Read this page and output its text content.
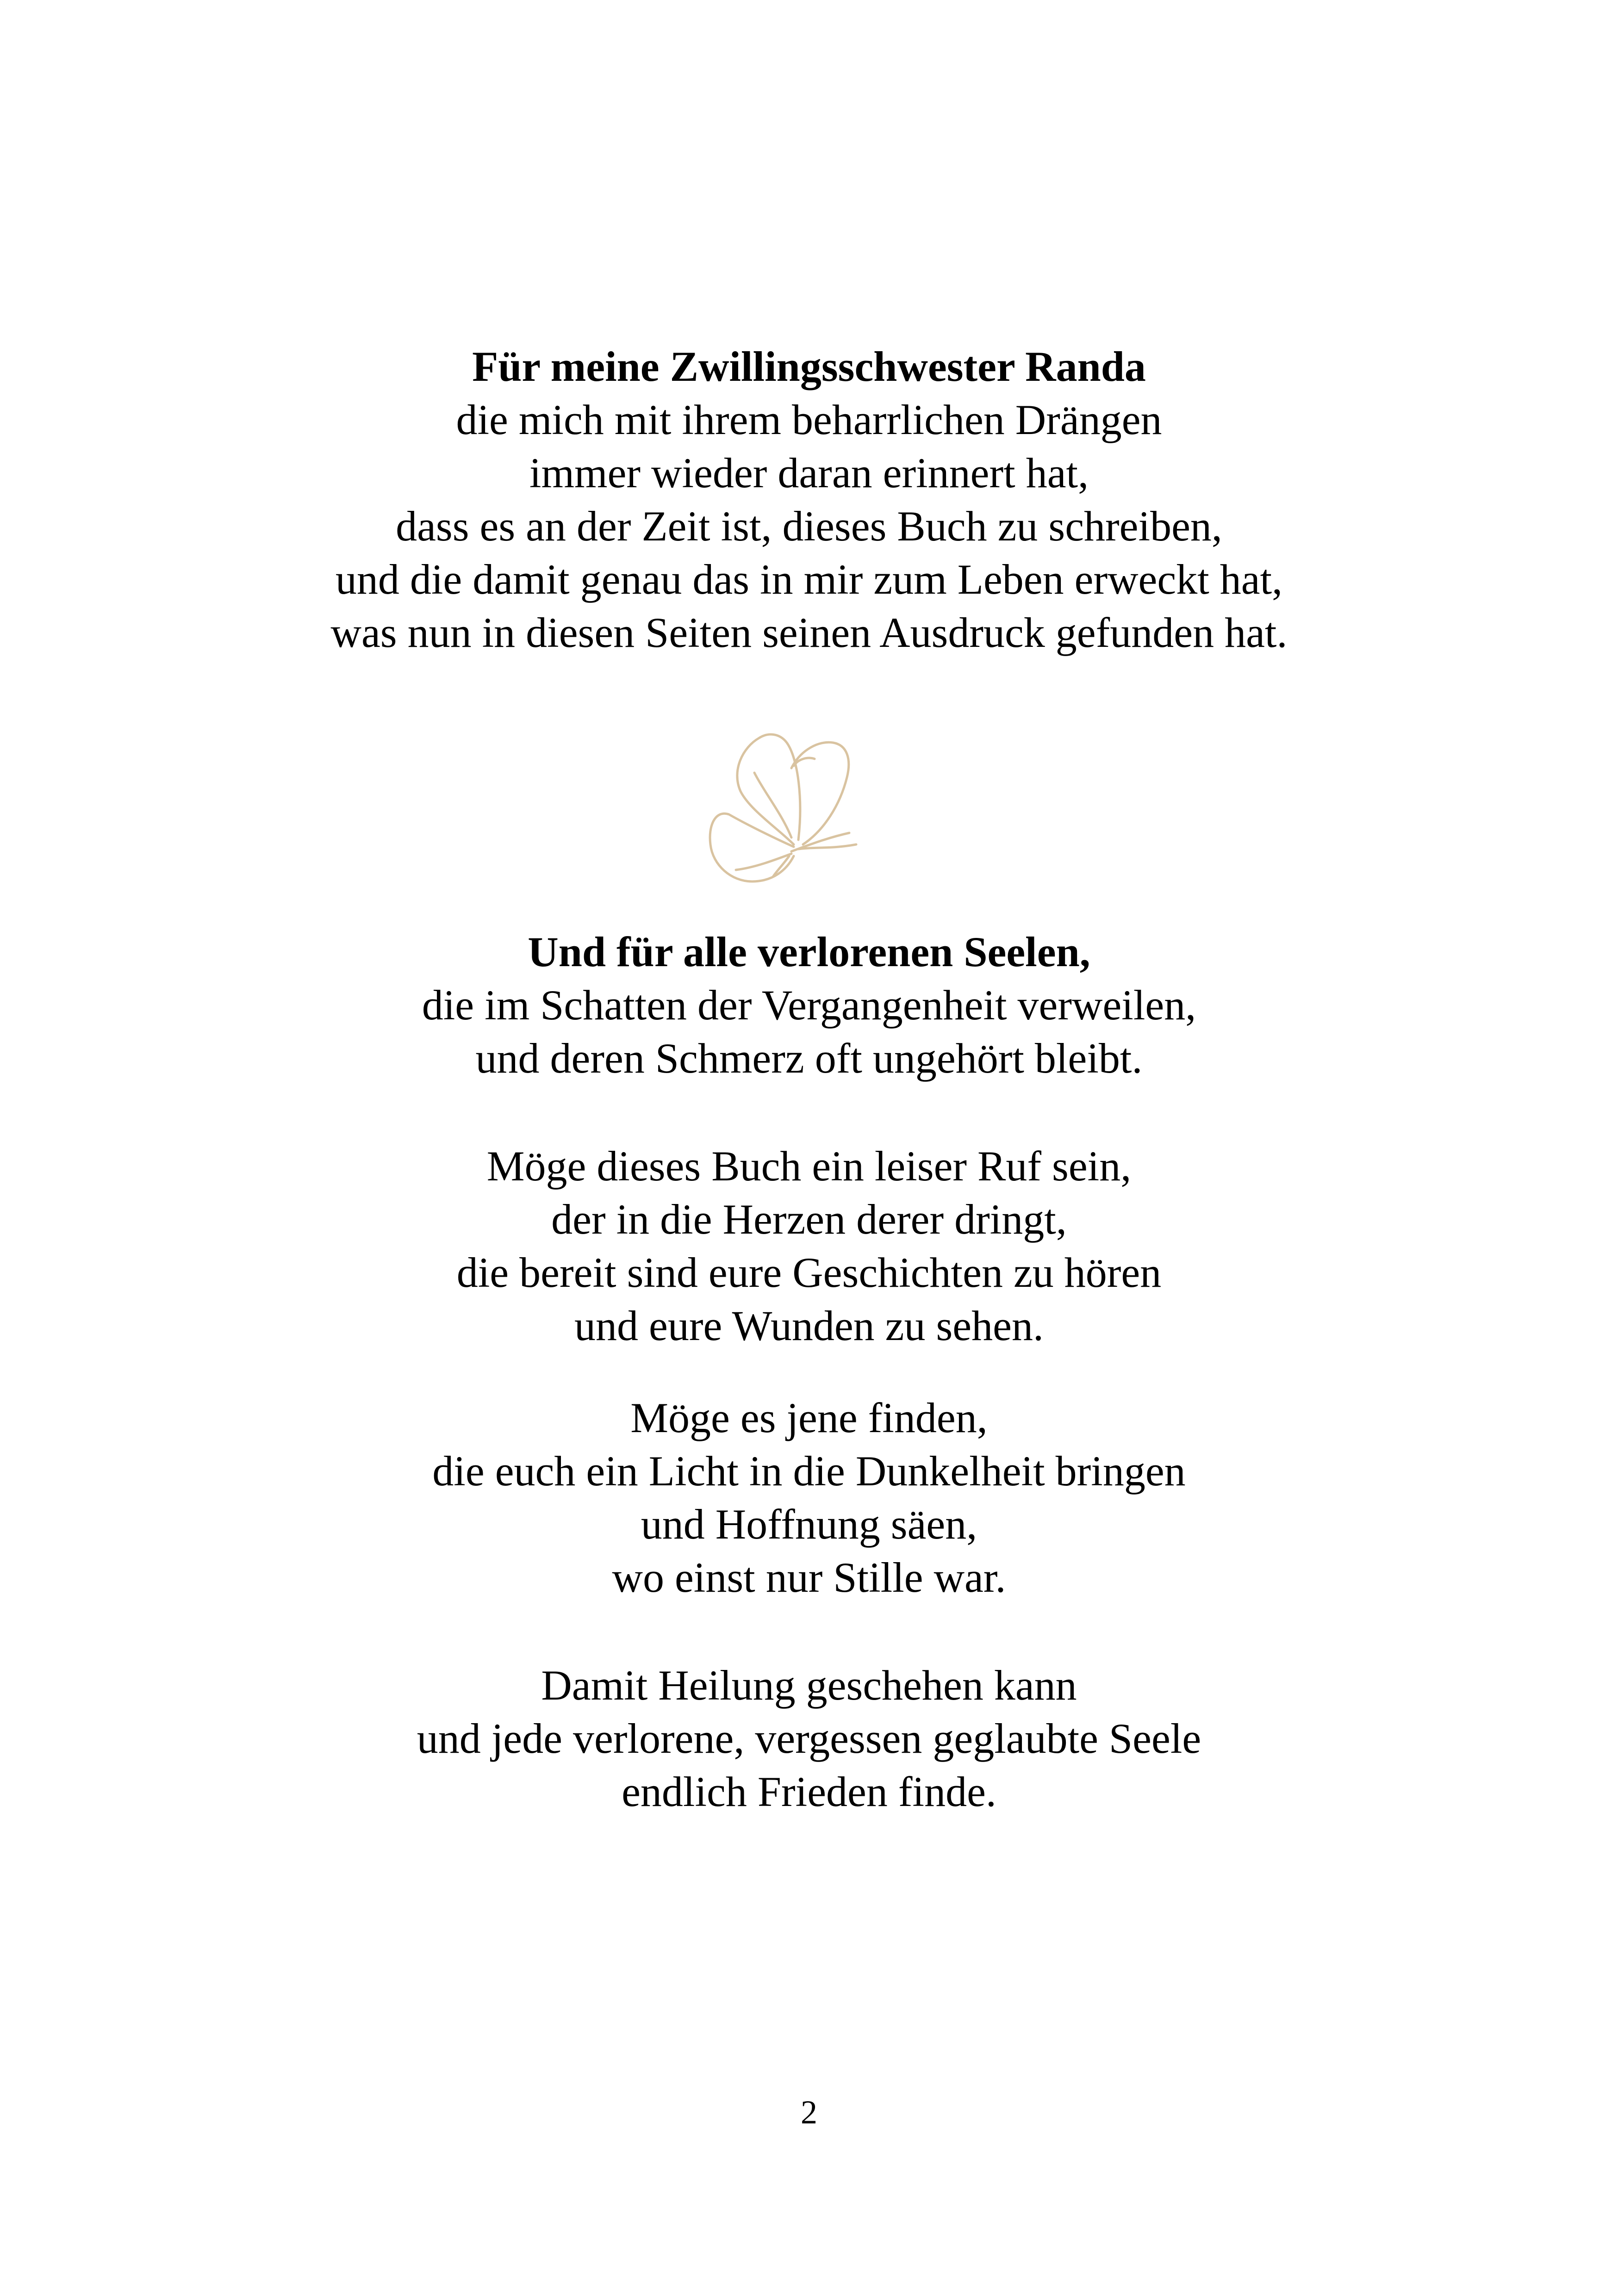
Für meine Zwillingsschwester Randa
die mich mit ihrem beharrlichen Drängen
immer wieder daran erinnert hat,
dass es an der Zeit ist, dieses Buch zu schreiben,
und die damit genau das in mir zum Leben erweckt hat,
was nun in diesen Seiten seinen Ausdruck gefunden hat.
Und für alle verlorenen Seelen,
die im Schatten der Vergangenheit verweilen,
und deren Schmerz oft ungehört bleibt.
Möge dieses Buch ein leiser Ruf sein,
der in die Herzen derer dringt,
die bereit sind eure Geschichten zu hören
und eure Wunden zu sehen.
Möge es jene finden,
die euch ein Licht in die Dunkelheit bringen
und Hoffnung säen,
wo einst nur Stille war.
Damit Heilung geschehen kann
und jede verlorene, vergessen geglaubte Seele
endlich Frieden finde.
2
